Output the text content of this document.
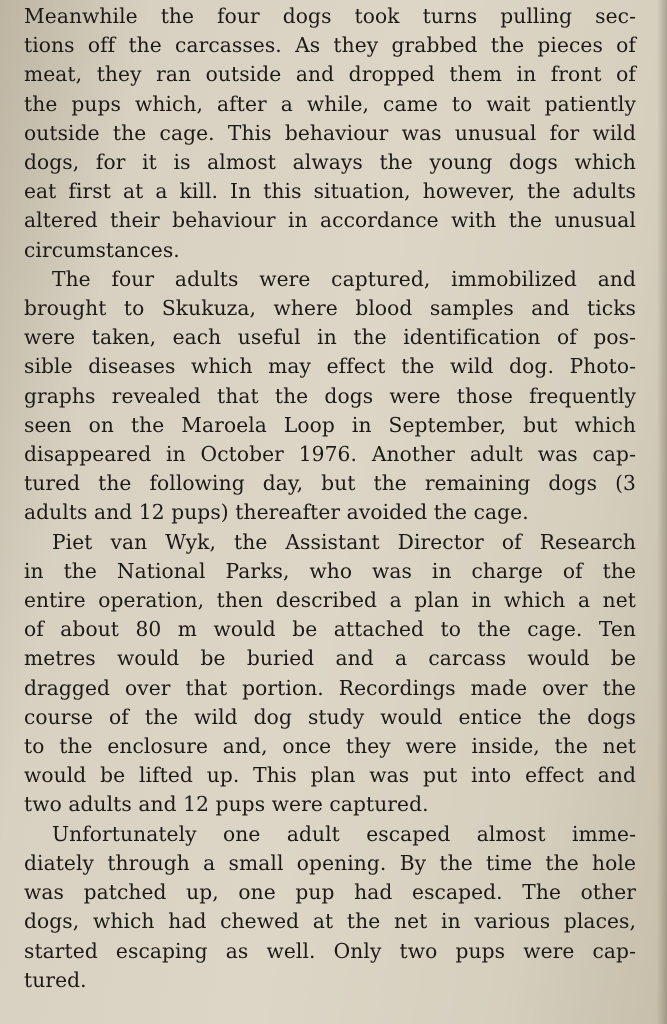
Meanwhile the four dogs took turns pulling sec-
tions off the carcasses. As they grabbed the pieces of
meat, they ran outside and dropped them in front of
the pups which, after a while, came to wait patiently
outside the cage. This behaviour was unusual for wild
dogs, for it is almost always the young dogs which
eat first at a kill. In this situation, however, the adults
altered their behaviour in accordance with the unusual
circumstances.
The four adults were captured, immobilized and
brought to Skukuza, where blood samples and ticks
were taken, each useful in the identification of pos-
sible diseases which may effect the wild dog. Photo-
graphs revealed that the dogs were those frequently
seen on the Maroela Loop in September, but which
disappeared in October 1976. Another adult was cap-
tured the following day, but the remaining dogs (3
adults and 12 pups) thereafter avoided the cage.
Piet van Wyk, the Assistant Director of Research
in the National Parks, who was in charge of the
entire operation, then described a plan in which a net
of about 80 m would be attached to the cage. Ten
metres would be buried and a carcass would be
dragged over that portion. Recordings made over the
course of the wild dog study would entice the dogs
to the enclosure and, once they were inside, the net
would be lifted up. This plan was put into effect and
two adults and 12 pups were captured.
Unfortunately one adult escaped almost imme-
diately through a small opening. By the time the hole
was patched up, one pup had escaped. The other
dogs, which had chewed at the net in various places,
started escaping as well. Only two pups were cap-
tured.
